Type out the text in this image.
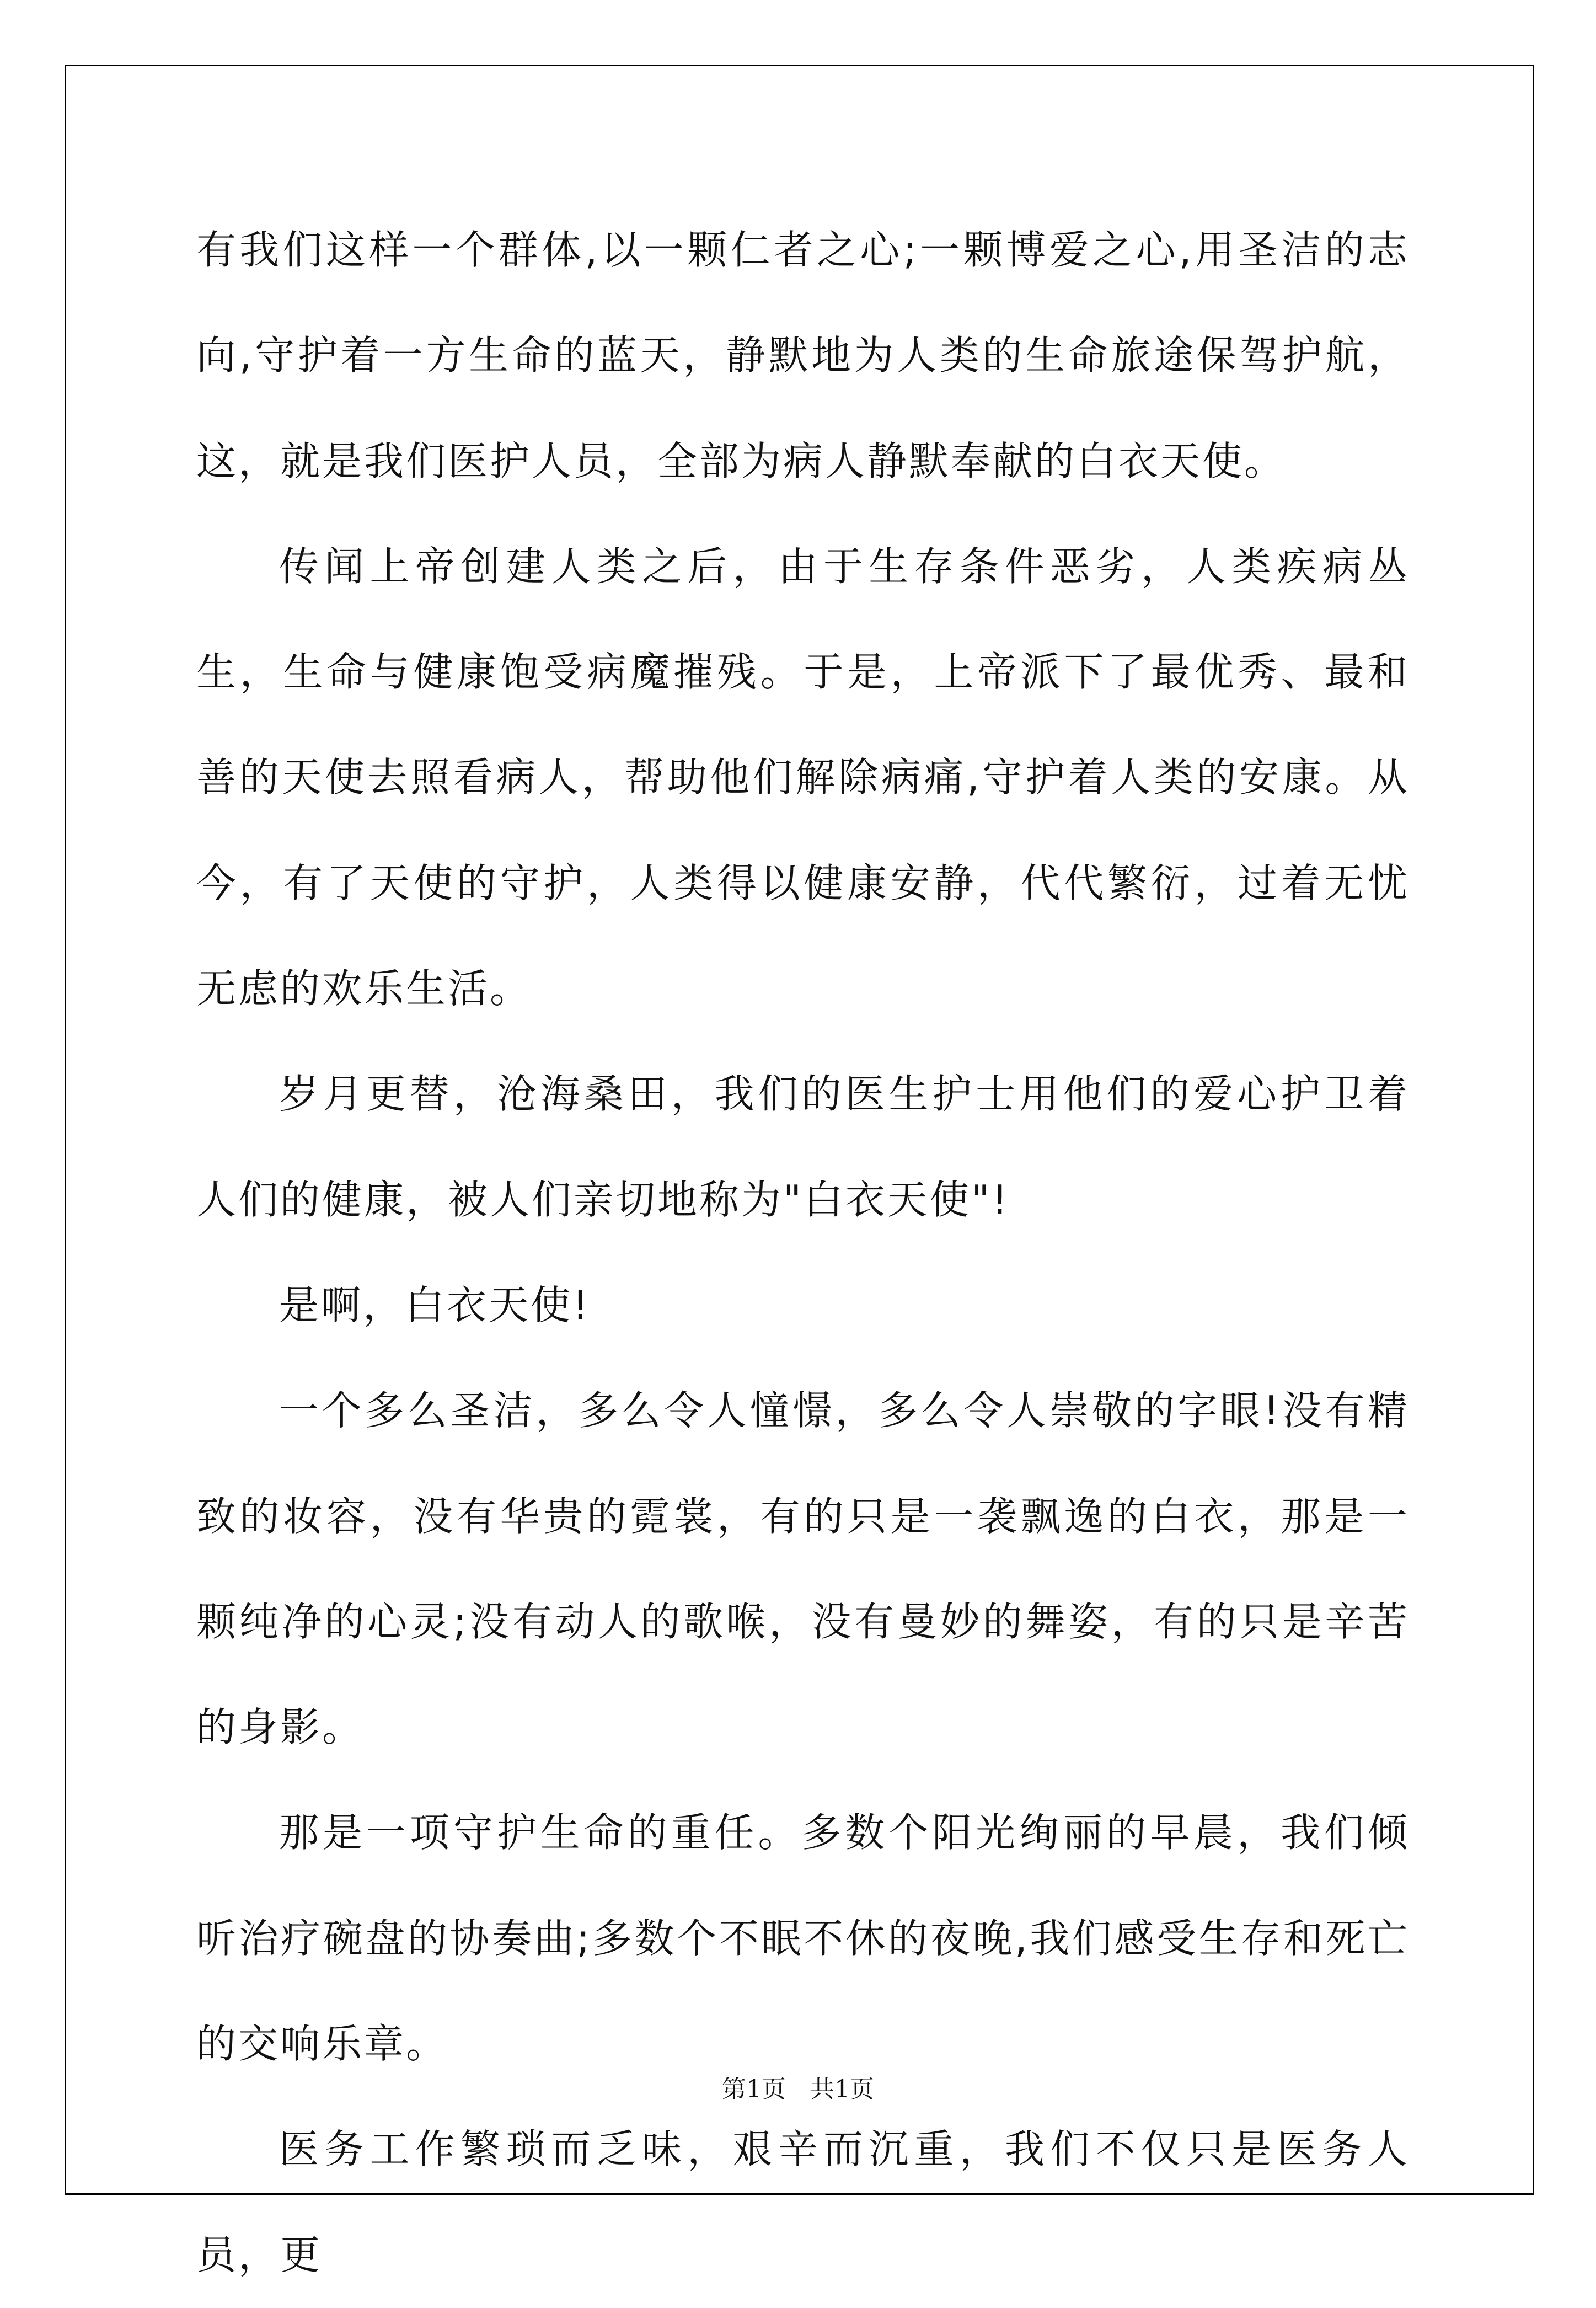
有我们这样一个群体,以一颗仁者之心;一颗博爱之心,用圣洁的志向,守护着一方生命的蓝天，静默地为人类的生命旅途保驾护航，这，就是我们医护人员，全部为病人静默奉献的白衣天使。

传闻上帝创建人类之后，由于生存条件恶劣，人类疾病丛生，生命与健康饱受病魔摧残。于是，上帝派下了最优秀、最和善的天使去照看病人，帮助他们解除病痛,守护着人类的安康。从今，有了天使的守护，人类得以健康安静，代代繁衍，过着无忧无虑的欢乐生活。

岁月更替，沧海桑田，我们的医生护士用他们的爱心护卫着人们的健康，被人们亲切地称为"白衣天使"!

是啊，白衣天使!

一个多么圣洁，多么令人憧憬，多么令人崇敬的字眼!没有精致的妆容，没有华贵的霓裳，有的只是一袭飘逸的白衣，那是一颗纯净的心灵;没有动人的歌喉，没有曼妙的舞姿，有的只是辛苦的身影。

那是一项守护生命的重任。多数个阳光绚丽的早晨，我们倾听治疗碗盘的协奏曲;多数个不眠不休的夜晚,我们感受生存和死亡的交响乐章。

医务工作繁琐而乏味，艰辛而沉重，我们不仅只是医务人员，更

第1页 共1页
